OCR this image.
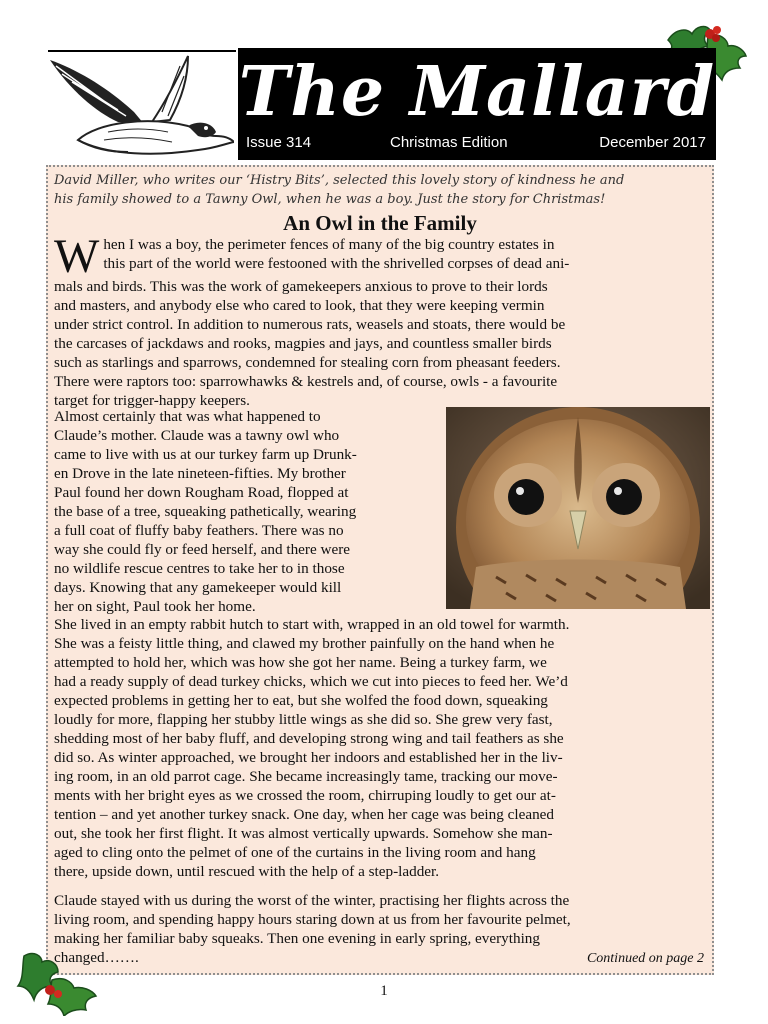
The Mallard
Issue 314	Christmas Edition	December 2017
David Miller, who writes our ‘Histry Bits’, selected this lovely story of kindness he and
his family showed to a Tawny Owl, when he was a boy. Just the story for Christmas!
An Owl in the Family
W hen I was a boy, the perimeter fences of many of the big country estates in
this part of the world were festooned with the shrivelled corpses of dead ani-
mals and birds. This was the work of gamekeepers anxious to prove to their lords
and masters, and anybody else who cared to look, that they were keeping vermin
under strict control. In addition to numerous rats, weasels and stoats, there would be
the carcases of jackdaws and rooks, magpies and jays, and countless smaller birds
such as starlings and sparrows, condemned for stealing corn from pheasant feeders.
There were raptors too: sparrowhawks & kestrels and, of course, owls - a favourite
target for trigger-happy keepers.
Almost certainly that was what happened to
Claude’s mother. Claude was a tawny owl who
came to live with us at our turkey farm up Drunk-
en Drove in the late nineteen-fifties. My brother
Paul found her down Rougham Road, flopped at
the base of a tree, squeaking pathetically, wearing
a full coat of fluffy baby feathers. There was no
way she could fly or feed herself, and there were
no wildlife rescue centres to take her to in those
days. Knowing that any gamekeeper would kill
her on sight, Paul took her home.
She lived in an empty rabbit hutch to start with, wrapped in an old towel for warmth.
She was a feisty little thing, and clawed my brother painfully on the hand when he
attempted to hold her, which was how she got her name. Being a turkey farm, we
had a ready supply of dead turkey chicks, which we cut into pieces to feed her. We’d
expected problems in getting her to eat, but she wolfed the food down, squeaking
loudly for more, flapping her stubby little wings as she did so. She grew very fast,
shedding most of her baby fluff, and developing strong wing and tail feathers as she
did so. As winter approached, we brought her indoors and established her in the liv-
ing room, in an old parrot cage. She became increasingly tame, tracking our move-
ments with her bright eyes as we crossed the room, chirruping loudly to get our at-
tention – and yet another turkey snack. One day, when her cage was being cleaned
out, she took her first flight. It was almost vertically upwards. Somehow she man-
aged to cling onto the pelmet of one of the curtains in the living room and hang
there, upside down, until rescued with the help of a step-ladder.
Claude stayed with us during the worst of the winter, practising her flights across the
living room, and spending happy hours staring down at us from her favourite pelmet,
making her familiar baby squeaks. Then one evening in early spring, everything
changed…….	Continued on page 2
1
